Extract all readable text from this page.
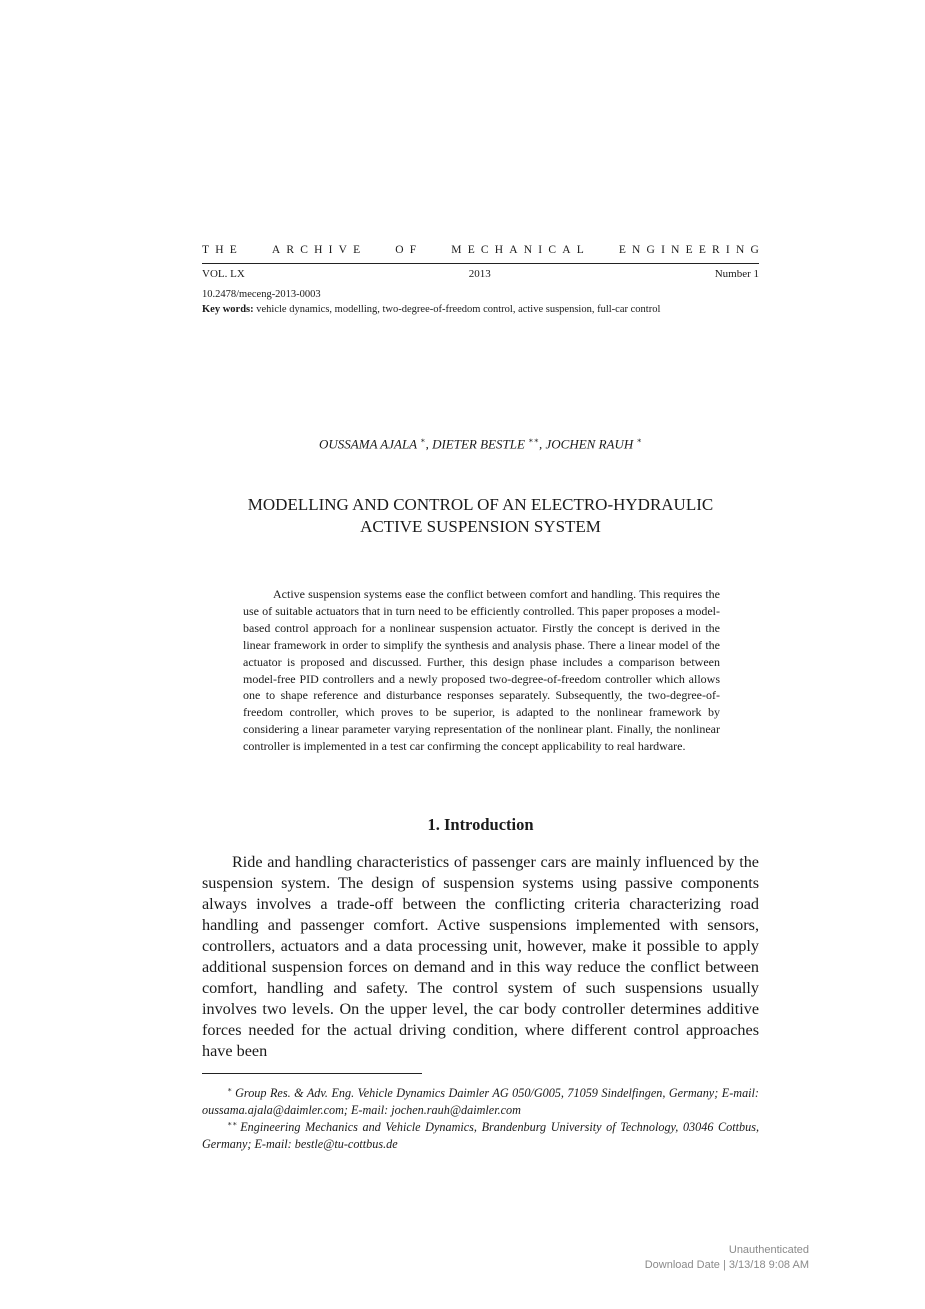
THE	ARCHIVE	OF	MECHANICAL	ENGINEERING
VOL. LX	2013	Number 1
10.2478/meceng-2013-0003
Key words: vehicle dynamics, modelling, two-degree-of-freedom control, active suspension, full-car control
OUSSAMA AJALA ∗, DIETER BESTLE ∗∗, JOCHEN RAUH ∗
MODELLING AND CONTROL OF AN ELECTRO-HYDRAULIC
ACTIVE SUSPENSION SYSTEM
Active suspension systems ease the conflict between comfort and handling. This requires the use of suitable actuators that in turn need to be efficiently controlled. This paper proposes a model-based control approach for a nonlinear suspension actuator. Firstly the concept is derived in the linear framework in order to simplify the synthesis and analysis phase. There a linear model of the actuator is proposed and discussed. Further, this design phase includes a comparison between model-free PID controllers and a newly proposed two-degree-of-freedom controller which allows one to shape reference and disturbance responses separately. Subsequently, the two-degree-of-freedom controller, which proves to be superior, is adapted to the nonlinear framework by considering a linear parameter varying representation of the nonlinear plant. Finally, the nonlinear controller is implemented in a test car confirming the concept applicability to real hardware.
1. Introduction
Ride and handling characteristics of passenger cars are mainly influenced by the suspension system. The design of suspension systems using passive components always involves a trade-off between the conflicting criteria characterizing road handling and passenger comfort. Active suspensions implemented with sensors, controllers, actuators and a data processing unit, however, make it possible to apply additional suspension forces on demand and in this way reduce the conflict between comfort, handling and safety. The control system of such suspensions usually involves two levels. On the upper level, the car body controller determines additive forces needed for the actual driving condition, where different control approaches have been
∗ Group Res. & Adv. Eng. Vehicle Dynamics Daimler AG 050/G005, 71059 Sindelfingen, Germany; E-mail: oussama.ajala@daimler.com; E-mail: jochen.rauh@daimler.com
∗∗ Engineering Mechanics and Vehicle Dynamics, Brandenburg University of Technology, 03046 Cottbus, Germany; E-mail: bestle@tu-cottbus.de
Unauthenticated
Download Date | 3/13/18 9:08 AM
